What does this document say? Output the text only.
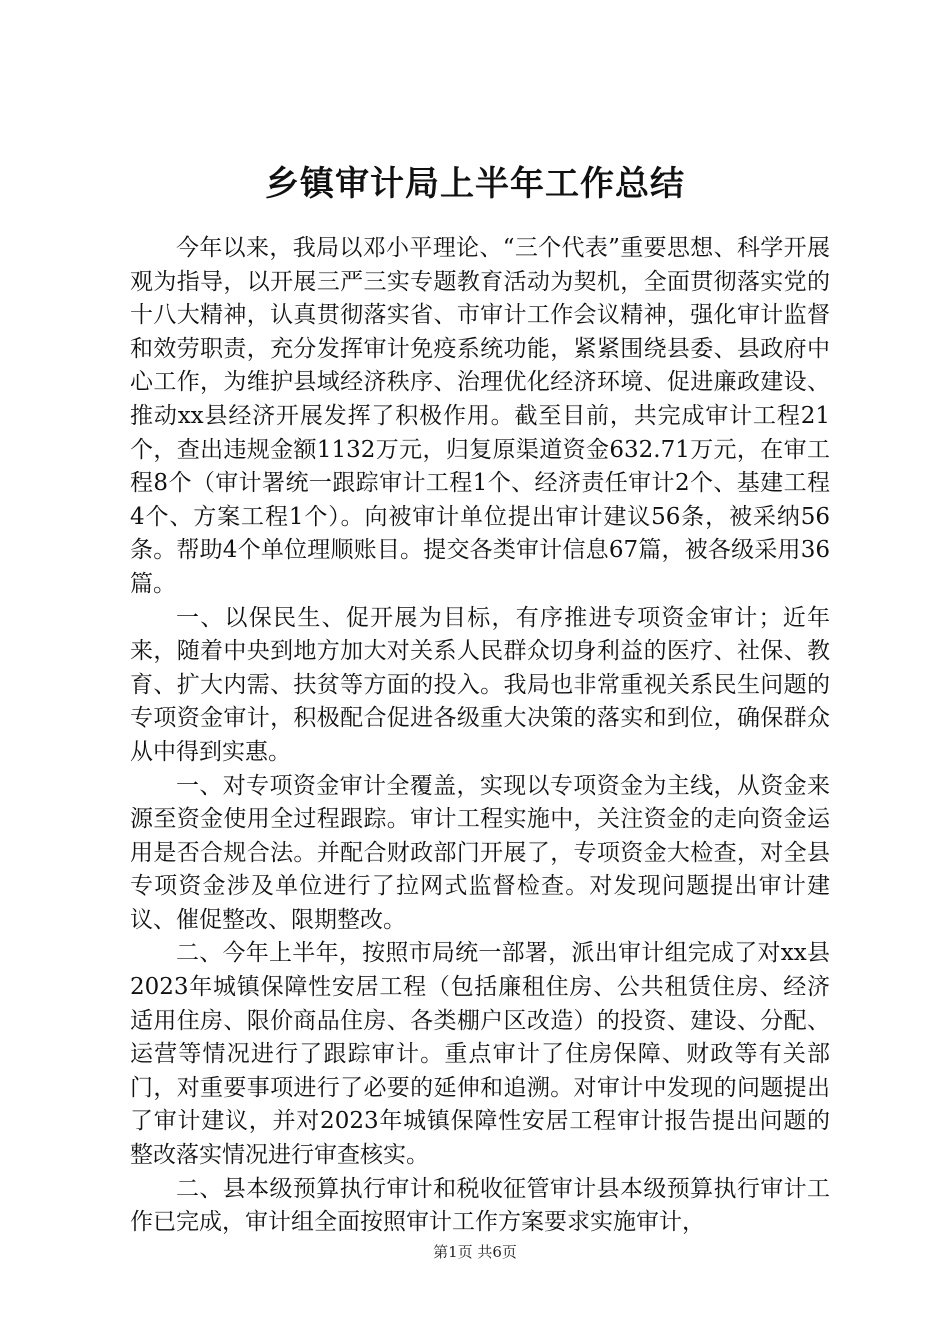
乡镇审计局上半年工作总结

今年以来，我局以邓小平理论、“三个代表”重要思想、科学开展观为指导，以开展三严三实专题教育活动为契机，全面贯彻落实党的十八大精神，认真贯彻落实省、市审计工作会议精神，强化审计监督和效劳职责，充分发挥审计免疫系统功能，紧紧围绕县委、县政府中心工作，为维护县域经济秩序、治理优化经济环境、促进廉政建设、推动xx县经济开展发挥了积极作用。截至目前，共完成审计工程21个，查出违规金额1132万元，归复原渠道资金632.71万元，在审工程8个（审计署统一跟踪审计工程1个、经济责任审计2个、基建工程4个、方案工程1个）。向被审计单位提出审计建议56条，被采纳56条。帮助4个单位理顺账目。提交各类审计信息67篇，被各级采用36篇。

一、以保民生、促开展为目标，有序推进专项资金审计；近年来，随着中央到地方加大对关系人民群众切身利益的医疗、社保、教育、扩大内需、扶贫等方面的投入。我局也非常重视关系民生问题的专项资金审计，积极配合促进各级重大决策的落实和到位，确保群众从中得到实惠。

一、对专项资金审计全覆盖，实现以专项资金为主线，从资金来源至资金使用全过程跟踪。审计工程实施中，关注资金的走向资金运用是否合规合法。并配合财政部门开展了，专项资金大检查，对全县专项资金涉及单位进行了拉网式监督检查。对发现问题提出审计建议、催促整改、限期整改。

二、今年上半年，按照市局统一部署，派出审计组完成了对xx县2023年城镇保障性安居工程（包括廉租住房、公共租赁住房、经济适用住房、限价商品住房、各类棚户区改造）的投资、建设、分配、运营等情况进行了跟踪审计。重点审计了住房保障、财政等有关部门，对重要事项进行了必要的延伸和追溯。对审计中发现的问题提出了审计建议，并对2023年城镇保障性安居工程审计报告提出问题的整改落实情况进行审查核实。

二、县本级预算执行审计和税收征管审计县本级预算执行审计工作已完成，审计组全面按照审计工作方案要求实施审计，

第1页 共6页
